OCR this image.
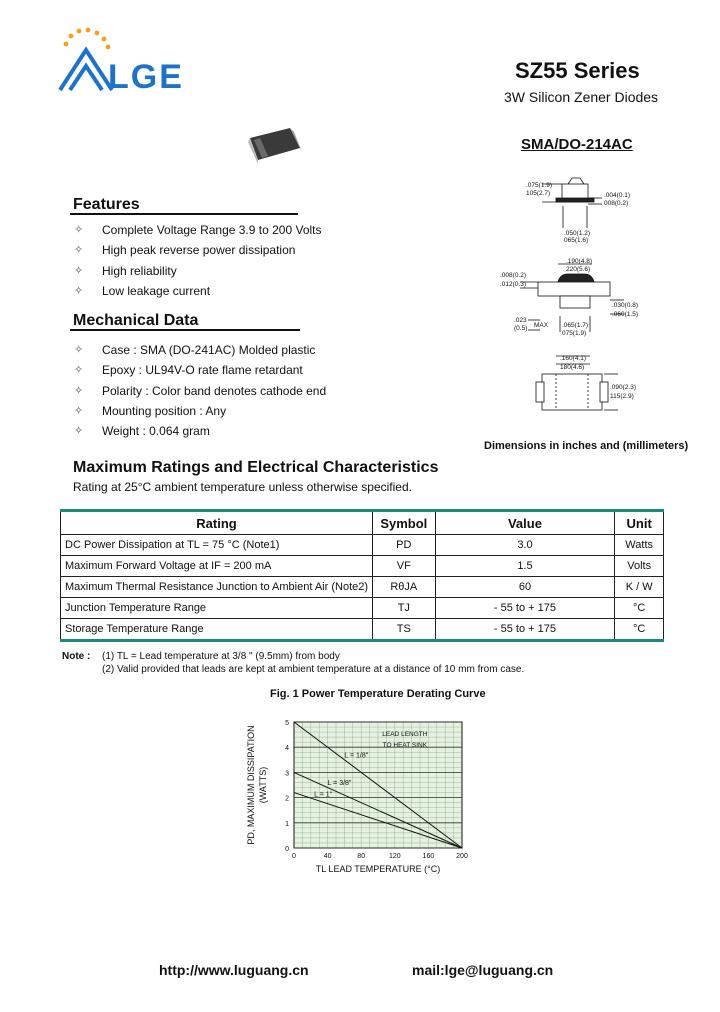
LGE	SZ55 Series
3W Silicon Zener Diodes
SMA/DO-214AC
Features
✧ Complete Voltage Range 3.9 to 200 Volts
✧ High peak reverse power dissipation
✧ High reliability
✧ Low leakage current
Mechanical Data
✧ Case : SMA (DO-241AC) Molded plastic
✧ Epoxy : UL94V-O rate flame retardant
✧ Polarity : Color band denotes cathode end
✧ Mounting position : Any
✧ Weight : 0.064 gram
.075(1.9)
105(2.7)	.004(0.1)
008(0.2)
.050(1.2)
065(1.6)
.190(4.8)
220(5.6)
.008(0.2)
.012(0.3)
.030(0.8)
.060(1.5)
.023
(0.5) MAX .065(1.7)
075(1.9)
.160(4.1)
180(4.6)
.090(2.3)
115(2.9)
Dimensions in inches and (millimeters)
Maximum Ratings and Electrical Characteristics
Rating at 25°C ambient temperature unless otherwise specified.
Rating	Symbol	Value	Unit
DC Power Dissipation at TL = 75 °C (Note1)	PD	3.0	Watts
Maximum Forward Voltage at IF = 200 mA	VF	1.5	Volts
Maximum Thermal Resistance Junction to Ambient Air (Note2)	RθJA	60	K / W
Junction Temperature Range	TJ	- 55 to + 175	°C
Storage Temperature Range	TS	- 55 to + 175	°C
Note : (1) TL = Lead temperature at 3/8 " (9.5mm) from body
(2) Valid provided that leads are kept at ambient temperature at a distance of 10 mm from case.
Fig. 1 Power Temperature Derating Curve
0
1
2
3
4
5
0	40	80	120	160	200
L = 1/8"
L = 3/8"
L = 1"
LEAD LENGTH
TO HEAT SINK
TL LEAD TEMPERATURE (°C)
PD, MAXIMUM DISSIPATION (WATTS)
http://www.luguang.cn	mail:lge@luguang.cn
